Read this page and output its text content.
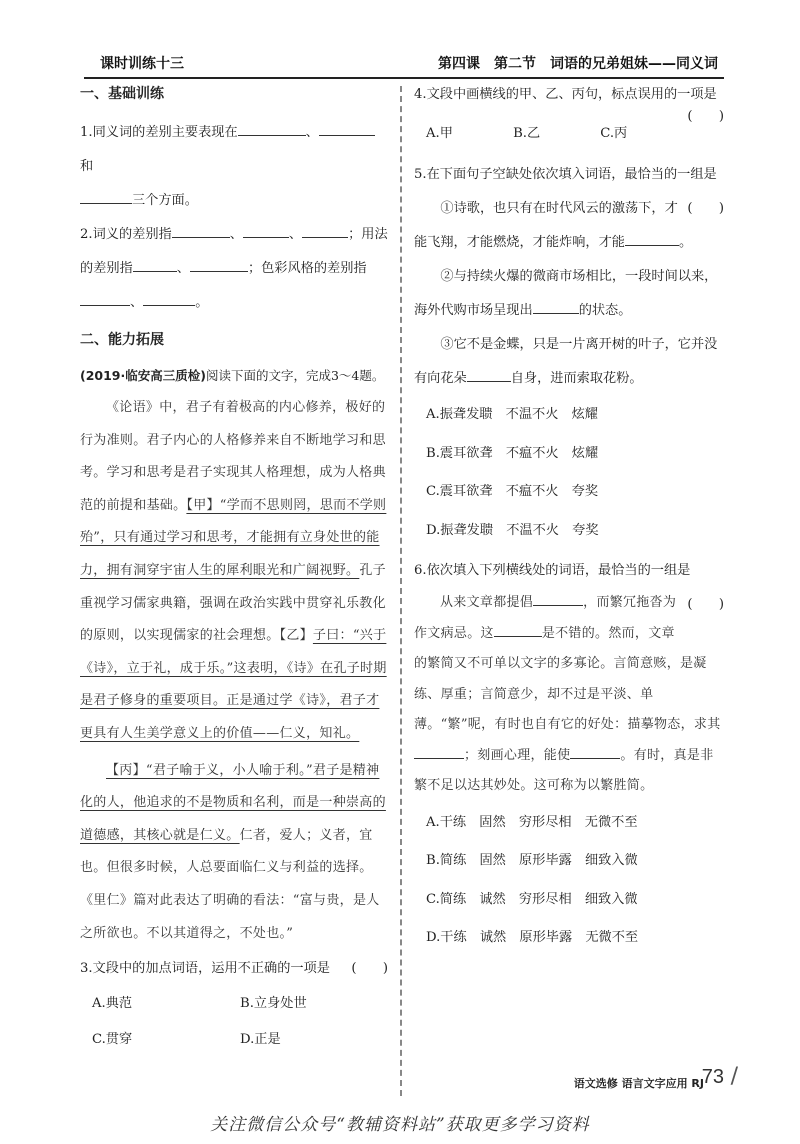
课时训练十三	第四课　第二节　词语的兄弟姐妹——同义词
一、基础训练

1.同义词的差别主要表现在	、和
三个方面。

2.词义的差别指	、	、	；用法
的差别指	、	；色彩风格的差别指
、	。

二、能力拓展

(2019·临安高三质检)阅读下面的文字，完成3～4题。

《论语》中，君子有着极高的内心修养，极好的行为准则。君子内心的人格修养来自不断地学习和思考。学习和思考是君子实现其人格理想，成为人格典范的前提和基础。【甲】“学而不思则罔，思而不学则殆”，只有通过学习和思考，才能拥有立身处世的能力，拥有洞穿宇宙人生的犀利眼光和广阔视野。孔子重视学习儒家典籍，强调在政治实践中贯穿礼乐教化的原则，以实现儒家的社会理想。【乙】子曰：“兴于《诗》，立于礼，成于乐。”这表明，《诗》在孔子时期是君子修身的重要项目。正是通过学《诗》，君子才更具有人生美学意义上的价值——仁义，知礼。

【丙】“君子喻于义，小人喻于利。”君子是精神化的人，他追求的不是物质和名利，而是一种崇高的道德感，其核心就是仁义。仁者，爱人；义者，宜也。但很多时候，人总要面临仁义与利益的选择。《里仁》篇对此表达了明确的看法：“富与贵，是人之所欲也。不以其道得之，不处也。”

3.文段中的加点词语，运用不正确的一项是 (　　)

A.典范	B.立身处世
C.贯穿	D.正是

4.文段中画横线的甲、乙、丙句，标点误用的一项是
(　　)

A.甲	B.乙	C.丙

5.在下面句子空缺处依次填入词语，最恰当的一组是
(　　)

①诗歌，也只有在时代风云的激荡下，才能飞翔，才能燃烧，才能炸响，才能	。

②与持续火爆的微商市场相比，一段时间以来，海外代购市场呈现出	的状态。

③它不是金蝶，只是一片离开树的叶子，它并没有向花朵	自身，进而索取花粉。

A.振聋发聩　不温不火　炫耀

B.震耳欲聋　不瘟不火　炫耀

C.震耳欲聋　不瘟不火　夸奖

D.振聋发聩　不温不火　夸奖

6.依次填入下列横线处的词语，最恰当的一组是
(　　)

从来文章都提倡	，而繁冗拖沓为作文病忌。这	是不错的。然而，文章的繁简又不可单以文字的多寡论。言简意赅，是凝练、厚重；言简意少，却不过是平淡、单薄。“繁”呢，有时也自有它的好处：描摹物态，求其；刻画心理，能使	。有时，真是非繁不足以达其妙处。这可称为以繁胜简。

A.干练　固然　穷形尽相　无微不至

B.简练　固然　原形毕露　细致入微

C.简练　诚然　穷形尽相　细致入微

D.干练　诚然　原形毕露　无微不至

语文选修 语言文字应用 RJ
73 /
关注微信公众号“教辅资料站”获取更多学习资料
